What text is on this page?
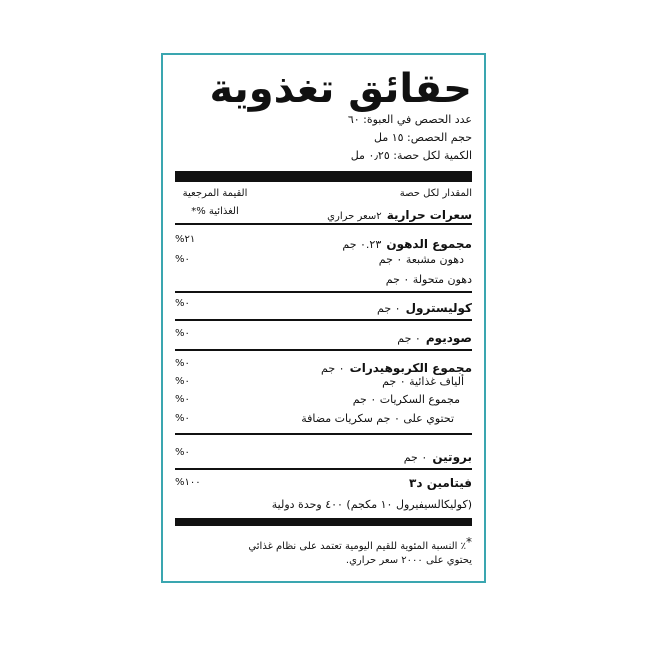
حقائق تغذوية
عدد الحصص في العبوة: ٦٠
حجم الحصص: ١٥ مل
الكمية لكل حصة: ٠٫٢٥ مل
المقدار لكل حصة
القيمة المرجعية
الغذائية %*	سعرات حرارية ٢سعر حراري
مجموع الدهون ٠.٢٣ جم
%٢١
دهون مشبعة ٠ جم
%٠
دهون متحولة ٠ جم
كوليسترول ٠ جم
%٠
صوديوم ٠ جم
%٠
مجموع الكربوهيدرات ٠ جم
%٠
ألياف غذائية ٠ جم
%٠
مجموع السكريات ٠ جم
%٠
تحتوي على ٠ جم سكريات مضافة
%٠
بروتين ٠ جم
%٠
فيتامين د٣
%١٠٠
(كوليكالسيفيرول ١٠ مكجم) ٤٠٠ وحدة دولية
*٪ النسبة المئوية للقيم اليومية تعتمد على نظام غذائي
يحتوي على ٢٠٠٠ سعر حراري.
